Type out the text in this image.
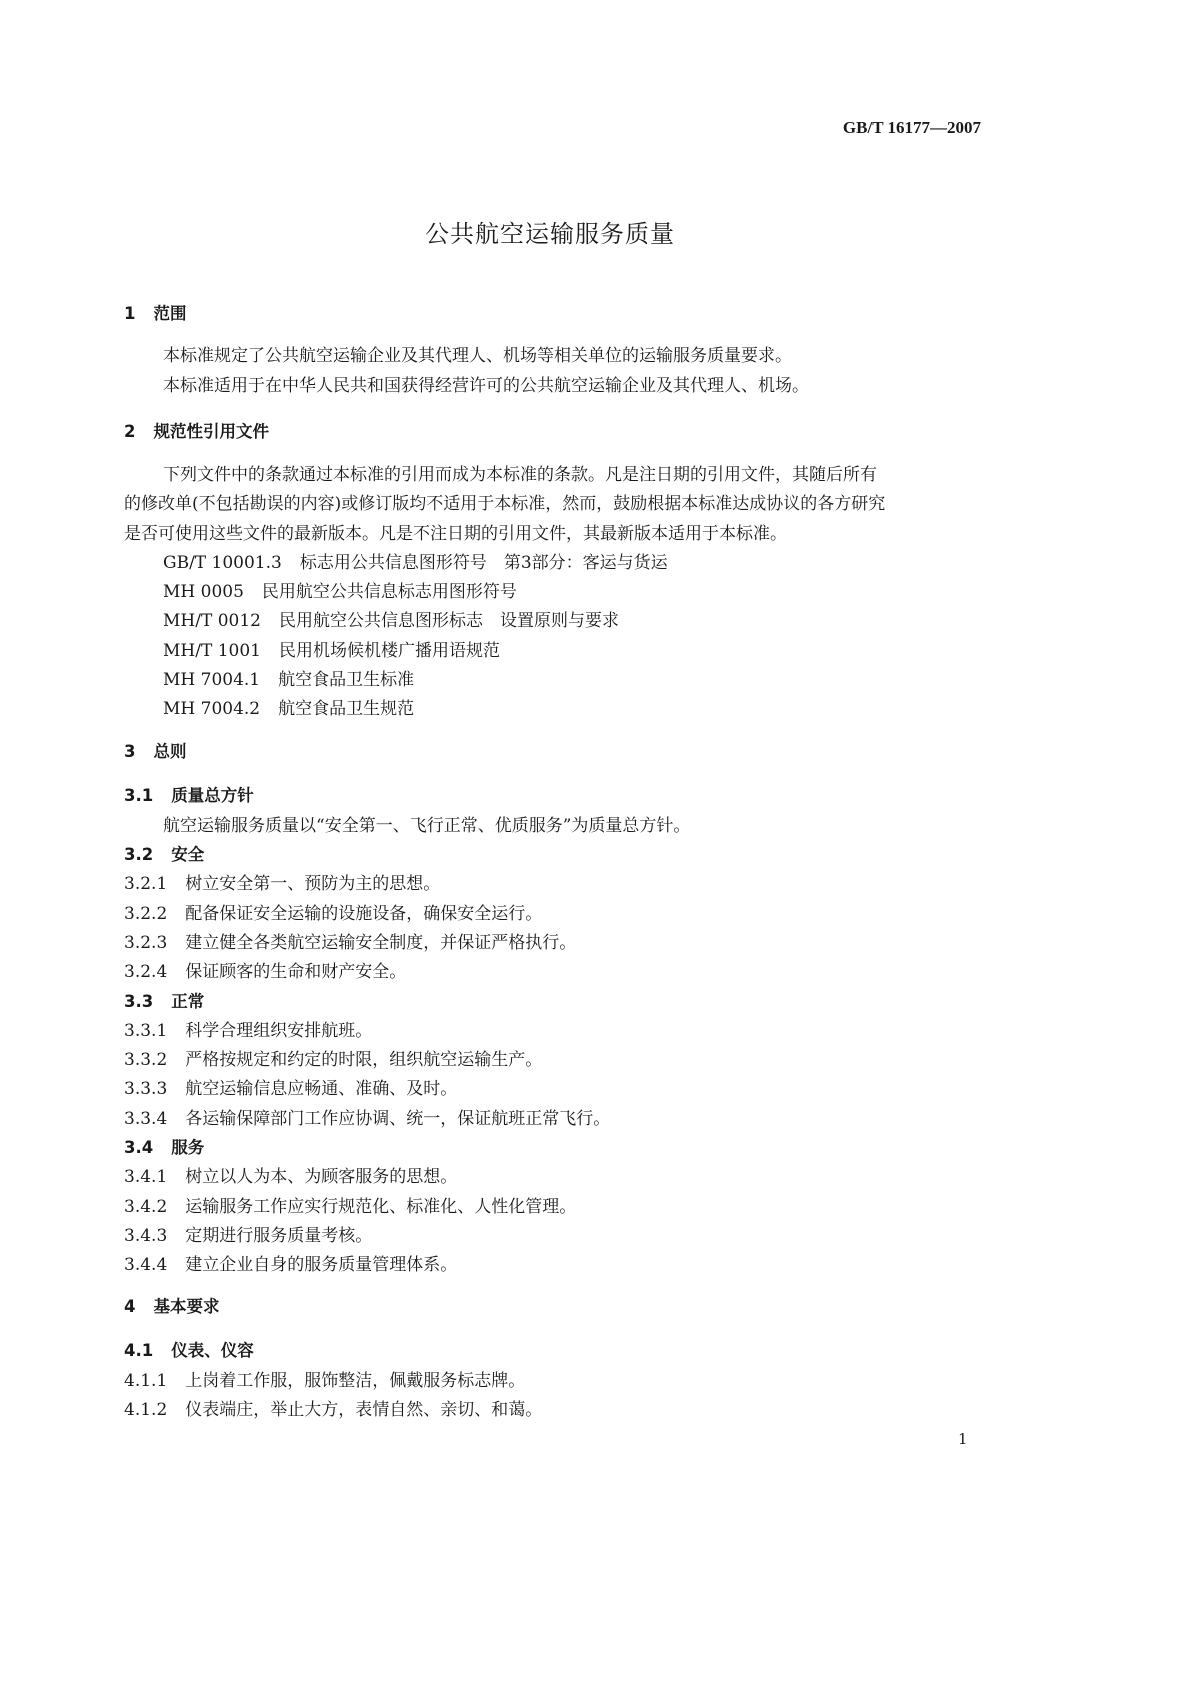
GB/T 16177—2007
公共航空运输服务质量
1 范围
本标准规定了公共航空运输企业及其代理人、机场等相关单位的运输服务质量要求。
本标准适用于在中华人民共和国获得经营许可的公共航空运输企业及其代理人、机场。
2 规范性引用文件
下列文件中的条款通过本标准的引用而成为本标准的条款。凡是注日期的引用文件，其随后所有
的修改单(不包括勘误的内容)或修订版均不适用于本标准，然而，鼓励根据本标准达成协议的各方研究
是否可使用这些文件的最新版本。凡是不注日期的引用文件，其最新版本适用于本标准。
GB/T 10001.3 标志用公共信息图形符号　第3部分：客运与货运
MH 0005 民用航空公共信息标志用图形符号
MH/T 0012 民用航空公共信息图形标志　设置原则与要求
MH/T 1001 民用机场候机楼广播用语规范
MH 7004.1 航空食品卫生标准
MH 7004.2 航空食品卫生规范
3 总则
3.1 质量总方针
航空运输服务质量以“安全第一、飞行正常、优质服务”为质量总方针。
3.2 安全
3.2.1 树立安全第一、预防为主的思想。
3.2.2 配备保证安全运输的设施设备，确保安全运行。
3.2.3 建立健全各类航空运输安全制度，并保证严格执行。
3.2.4 保证顾客的生命和财产安全。
3.3 正常
3.3.1 科学合理组织安排航班。
3.3.2 严格按规定和约定的时限，组织航空运输生产。
3.3.3 航空运输信息应畅通、准确、及时。
3.3.4 各运输保障部门工作应协调、统一，保证航班正常飞行。
3.4 服务
3.4.1 树立以人为本、为顾客服务的思想。
3.4.2 运输服务工作应实行规范化、标准化、人性化管理。
3.4.3 定期进行服务质量考核。
3.4.4 建立企业自身的服务质量管理体系。
4 基本要求
4.1 仪表、仪容
4.1.1 上岗着工作服，服饰整洁，佩戴服务标志牌。
4.1.2 仪表端庄，举止大方，表情自然、亲切、和蔼。
1
